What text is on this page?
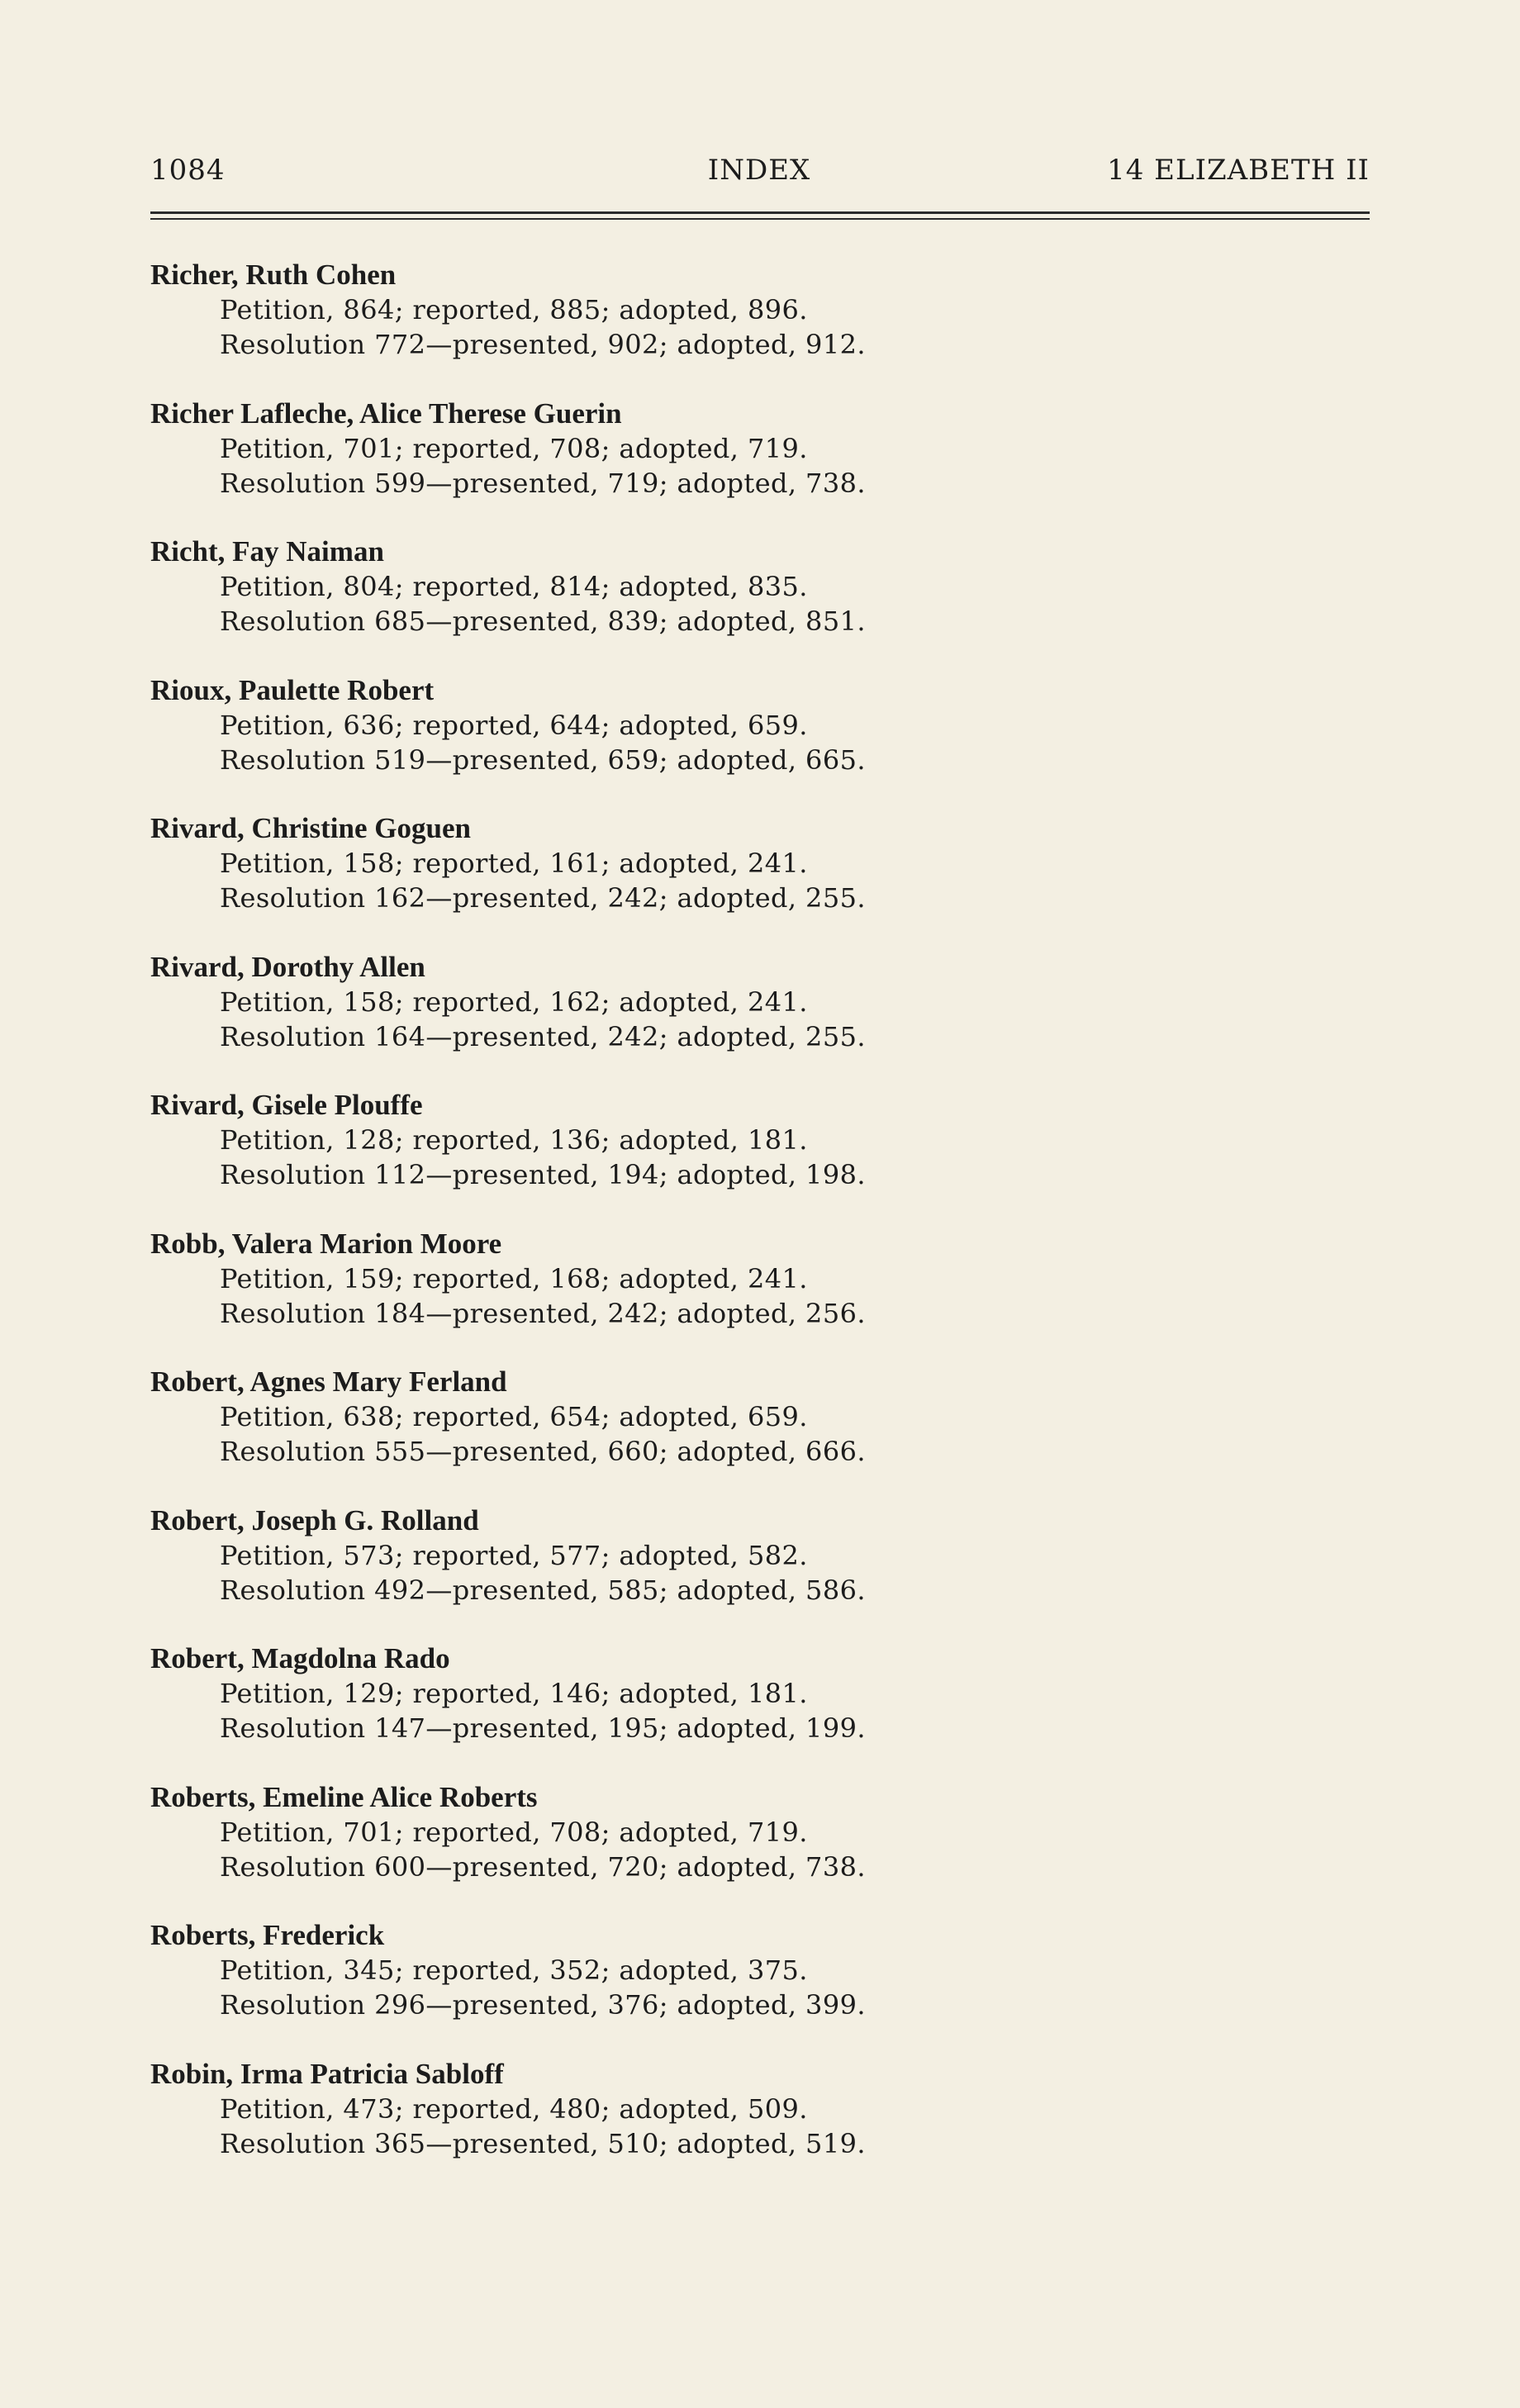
1084	INDEX	14 ELIZABETH II
Richer, Ruth Cohen
Petition, 864; reported, 885; adopted, 896.
Resolution 772—presented, 902; adopted, 912.
Richer Lafleche, Alice Therese Guerin
Petition, 701; reported, 708; adopted, 719.
Resolution 599—presented, 719; adopted, 738.
Richt, Fay Naiman
Petition, 804; reported, 814; adopted, 835.
Resolution 685—presented, 839; adopted, 851.
Rioux, Paulette Robert
Petition, 636; reported, 644; adopted, 659.
Resolution 519—presented, 659; adopted, 665.
Rivard, Christine Goguen
Petition, 158; reported, 161; adopted, 241.
Resolution 162—presented, 242; adopted, 255.
Rivard, Dorothy Allen
Petition, 158; reported, 162; adopted, 241.
Resolution 164—presented, 242; adopted, 255.
Rivard, Gisele Plouffe
Petition, 128; reported, 136; adopted, 181.
Resolution 112—presented, 194; adopted, 198.
Robb, Valera Marion Moore
Petition, 159; reported, 168; adopted, 241.
Resolution 184—presented, 242; adopted, 256.
Robert, Agnes Mary Ferland
Petition, 638; reported, 654; adopted, 659.
Resolution 555—presented, 660; adopted, 666.
Robert, Joseph G. Rolland
Petition, 573; reported, 577; adopted, 582.
Resolution 492—presented, 585; adopted, 586.
Robert, Magdolna Rado
Petition, 129; reported, 146; adopted, 181.
Resolution 147—presented, 195; adopted, 199.
Roberts, Emeline Alice Roberts
Petition, 701; reported, 708; adopted, 719.
Resolution 600—presented, 720; adopted, 738.
Roberts, Frederick
Petition, 345; reported, 352; adopted, 375.
Resolution 296—presented, 376; adopted, 399.
Robin, Irma Patricia Sabloff
Petition, 473; reported, 480; adopted, 509.
Resolution 365—presented, 510; adopted, 519.
